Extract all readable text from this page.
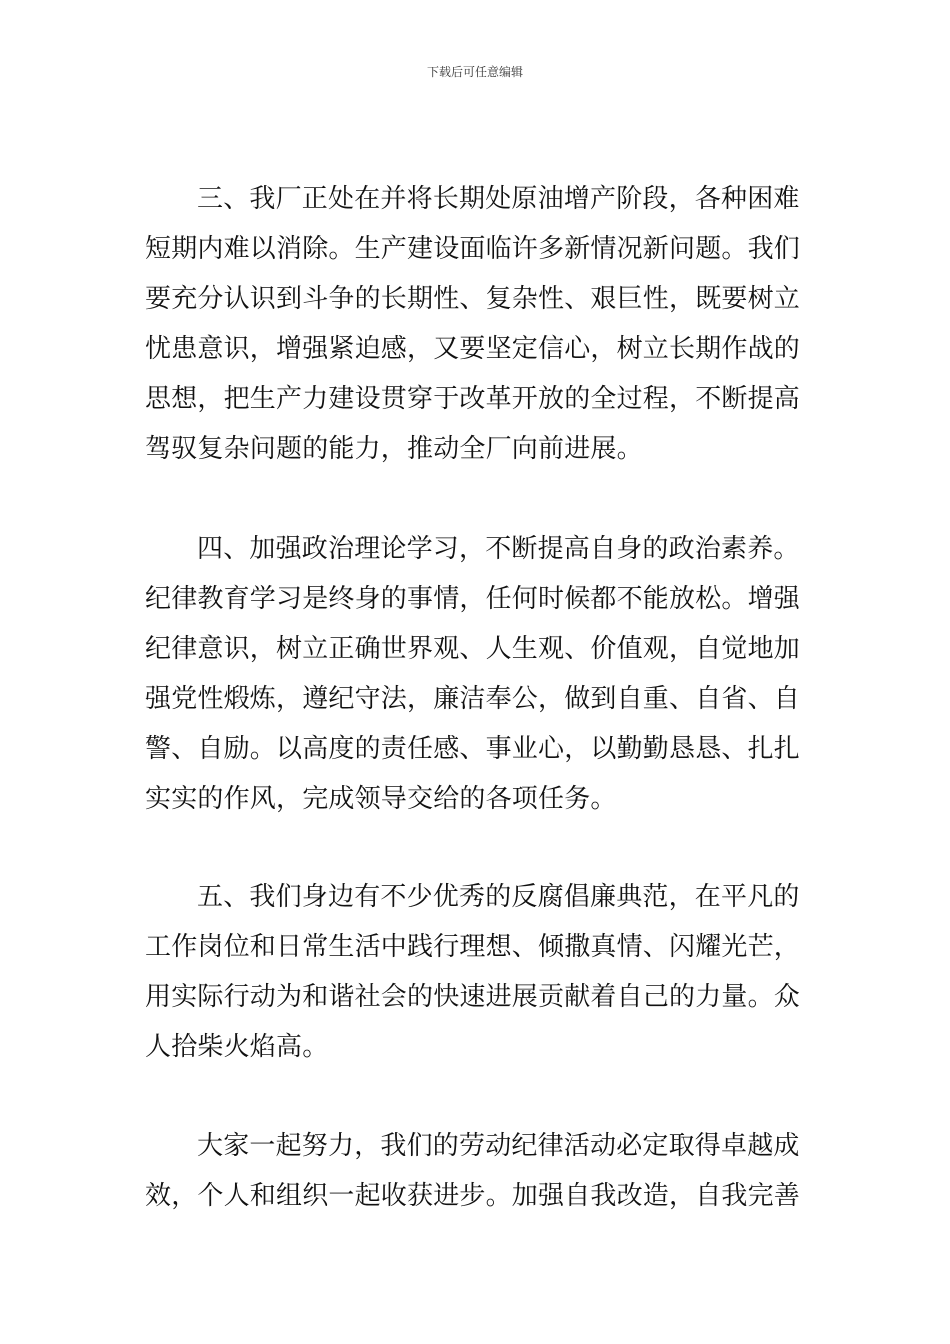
下载后可任意编辑

三、我厂正处在并将长期处原油增产阶段，各种困难
短期内难以消除。生产建设面临许多新情况新问题。我们
要充分认识到斗争的长期性、复杂性、艰巨性，既要树立
忧患意识，增强紧迫感，又要坚定信心，树立长期作战的
思想，把生产力建设贯穿于改革开放的全过程，不断提高
驾驭复杂问题的能力，推动全厂向前进展。

四、加强政治理论学习，不断提高自身的政治素养。
纪律教育学习是终身的事情，任何时候都不能放松。增强
纪律意识，树立正确世界观、人生观、价值观，自觉地加
强党性煅炼，遵纪守法，廉洁奉公，做到自重、自省、自
警、自励。以高度的责任感、事业心，以勤勤恳恳、扎扎
实实的作风，完成领导交给的各项任务。

五、我们身边有不少优秀的反腐倡廉典范，在平凡的
工作岗位和日常生活中践行理想、倾撒真情、闪耀光芒，
用实际行动为和谐社会的快速进展贡献着自己的力量。众
人拾柴火焰高。

大家一起努力，我们的劳动纪律活动必定取得卓越成
效，个人和组织一起收获进步。加强自我改造，自我完善
